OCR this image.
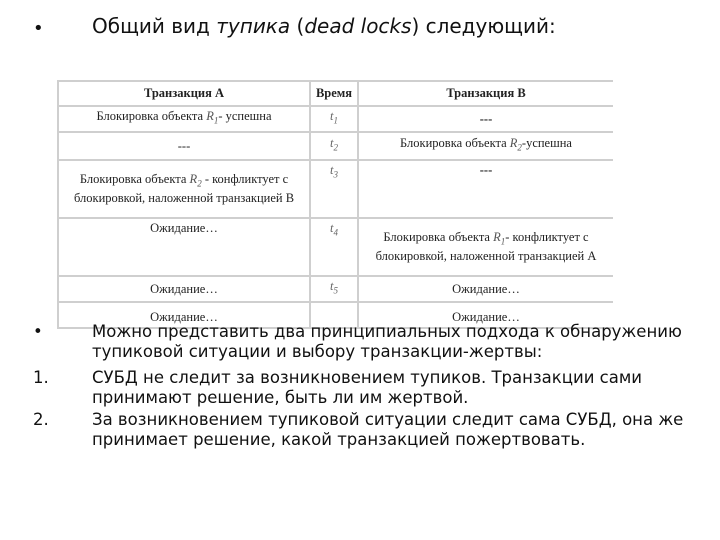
• Общий вид тупика (dead locks) следующий:
Транзакция А	Время	Транзакция В
Блокировка объекта $R_1-$ успешна	$t_1$	---
---	$t_2$	Блокировка объекта $R_2$-успешна
Блокировка объекта $R_2$ - конфликтует с блокировкой, наложенной транзакцией В	$t_3$	---
Ожидание…	$t_4$	Блокировка объекта $R_1-$ конфликтует с блокировкой, наложенной транзакцией А
Ожидание…	$t_5$	Ожидание…
Ожидание…		Ожидание…
•	Можно представить два принципиальных подхода к обнаружению тупиковой ситуации и выбору транзакции-жертвы:
1.	СУБД не следит за возникновением тупиков. Транзакции сами принимают решение, быть ли им жертвой.
2.	За возникновением тупиковой ситуации следит сама СУБД, она же принимает решение, какой транзакцией пожертвовать.
